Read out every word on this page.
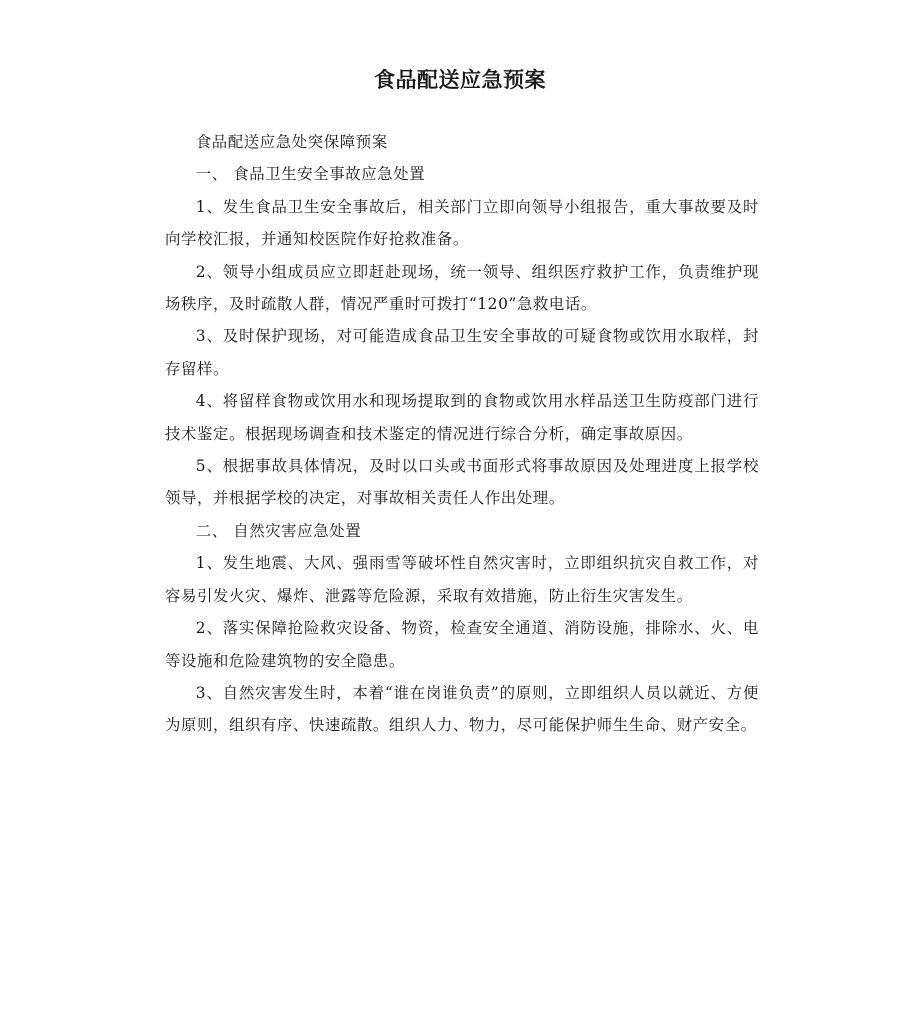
食品配送应急预案

食品配送应急处突保障预案

一、 食品卫生安全事故应急处置

1、发生食品卫生安全事故后，相关部门立即向领导小组报告，重大事故要及时向学校汇报，并通知校医院作好抢救准备。

2、领导小组成员应立即赶赴现场，统一领导、组织医疗救护工作，负责维护现场秩序，及时疏散人群，情况严重时可拨打“120”急救电话。

3、及时保护现场，对可能造成食品卫生安全事故的可疑食物或饮用水取样，封存留样。

4、将留样食物或饮用水和现场提取到的食物或饮用水样品送卫生防疫部门进行技术鉴定。根据现场调查和技术鉴定的情况进行综合分析，确定事故原因。

5、根据事故具体情况，及时以口头或书面形式将事故原因及处理进度上报学校领导，并根据学校的决定，对事故相关责任人作出处理。

二、 自然灾害应急处置

1、发生地震、大风、强雨雪等破坏性自然灾害时，立即组织抗灾自救工作，对容易引发火灾、爆炸、泄露等危险源，采取有效措施，防止衍生灾害发生。

2、落实保障抢险救灾设备、物资，检查安全通道、消防设施，排除水、火、电等设施和危险建筑物的安全隐患。

3、自然灾害发生时，本着“谁在岗谁负责”的原则，立即组织人员以就近、方便为原则，组织有序、快速疏散。组织人力、物力，尽可能保护师生生命、财产安全。
